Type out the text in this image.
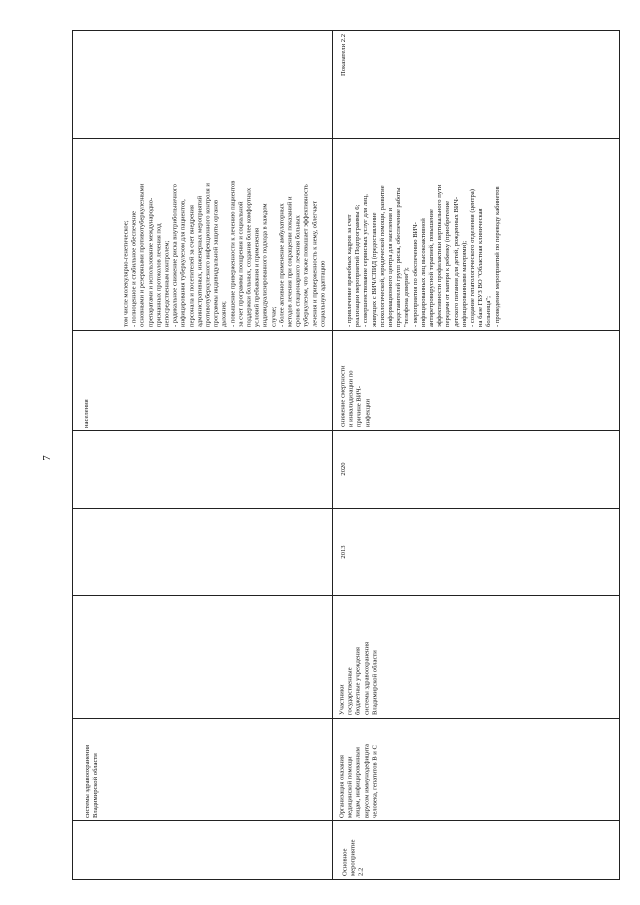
7

системы здравоохранения Владимирской области

населения

том числе молекулярно-генетическое; - полноценное и стабильное обеспечение основными и резервными противотуберкулезными препаратами и использование международно- признанных протоколов лечения под непосредственным контролем; - радикальное снижение риска внутрибольничного инфицирования туберкулезом для пациентов, персонала и посетителей за счет внедрения административных, инженерных мероприятий противотуберкулезного инфекционного контроля и программы индивидуальной защиты органов дыхания; - повышение приверженности к лечению пациентов за счет программы поощрения и социальной поддержки больных, создания более комфортных условий пребывания и применения индивидуализированного подхода в каждом случае; - более активное применение амбулаторных методов лечения при сокращении показаний и сроков стационарного лечения больных туберкулезом, что также повышает эффективность лечения и приверженность к нему, облегчает социальную адаптацию

Основное мероприятие 2.2

Организация оказания медицинской помощи лицам, инфицированным вирусом иммунодефицита человека, гепатитов В и С

Участники государственные бюджетные учреждения системы здравоохранения Владимирской области

2013

2020

снижение смертности и инвалидизации по причине ВИЧ- инфекции

- привлечение врачебных кадров за счет реализации мероприятий Подпрограммы 6; - совершенствование сервисных услуг для лиц, живущих с ВИЧ/СПИД (предоставление психологической, юридической помощи, развитие информационного центра для населения и представителей групп риска, обеспечение работы "телефона доверия"); - мероприятия по обеспечению ВИЧ- инфицированных лиц высокоактивной антиретровирусной терапией, повышение эффективности профилактики вертикального пути передачи от матери к ребенку (приобретение детского питания для детей, рожденных ВИЧ- инфицированными матерями); - создание гепатологического отделения (центра) на базе ГБУЗ ВО "Областная клиническая больница"; - проведение мероприятий по переводу кабинетов

Показатели 2.2
